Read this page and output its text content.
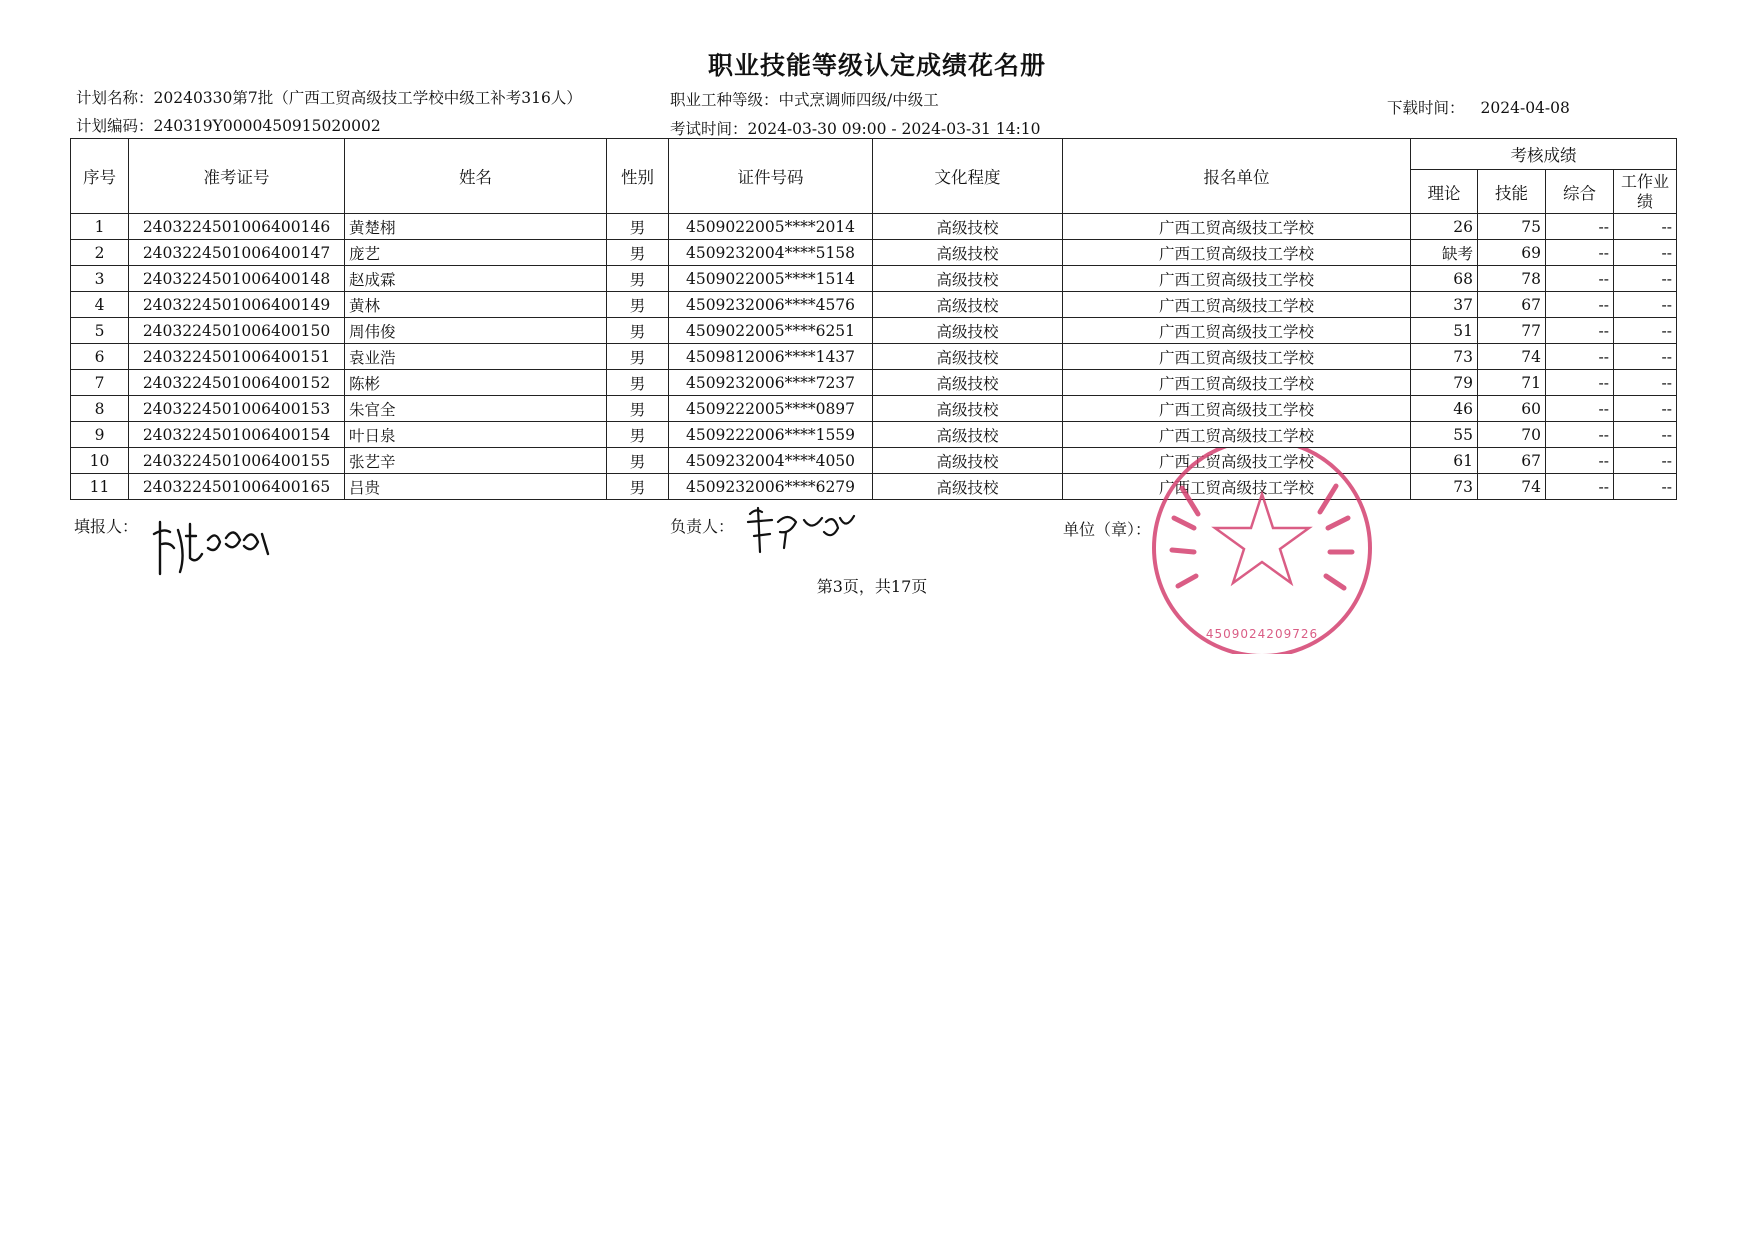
职业技能等级认定成绩花名册
计划名称：20240330第7批（广西工贸高级技工学校中级工补考316人）
计划编码：240319Y0000450915020002
职业工种等级：中式烹调师四级/中级工
考试时间：2024-03-30 09:00 - 2024-03-31 14:10
下载时间： 2024-04-08
序号	准考证号	姓名	性别	证件号码	文化程度	报名单位	考核成绩			
							理论	技能	综合	工作业绩
1	2403224501006400146	黄楚栩	男	4509022005****2014	高级技校	广西工贸高级技工学校	26	75	--	--
2	2403224501006400147	庞艺	男	4509232004****5158	高级技校	广西工贸高级技工学校	缺考	69	--	--
3	2403224501006400148	赵成霖	男	4509022005****1514	高级技校	广西工贸高级技工学校	68	78	--	--
4	2403224501006400149	黄林	男	4509232006****4576	高级技校	广西工贸高级技工学校	37	67	--	--
5	2403224501006400150	周伟俊	男	4509022005****6251	高级技校	广西工贸高级技工学校	51	77	--	--
6	2403224501006400151	袁业浩	男	4509812006****1437	高级技校	广西工贸高级技工学校	73	74	--	--
7	2403224501006400152	陈彬	男	4509232006****7237	高级技校	广西工贸高级技工学校	79	71	--	--
8	2403224501006400153	朱官全	男	4509222005****0897	高级技校	广西工贸高级技工学校	46	60	--	--
9	2403224501006400154	叶日泉	男	4509222006****1559	高级技校	广西工贸高级技工学校	55	70	--	--
10	2403224501006400155	张艺辛	男	4509232004****4050	高级技校	广西工贸高级技工学校	61	67	--	--
11	2403224501006400165	吕贵	男	4509232006****6279	高级技校	广西工贸高级技工学校	73	74	--	--
填报人：	负责人：	单位（章）：
第3页，共17页
4509024209726
